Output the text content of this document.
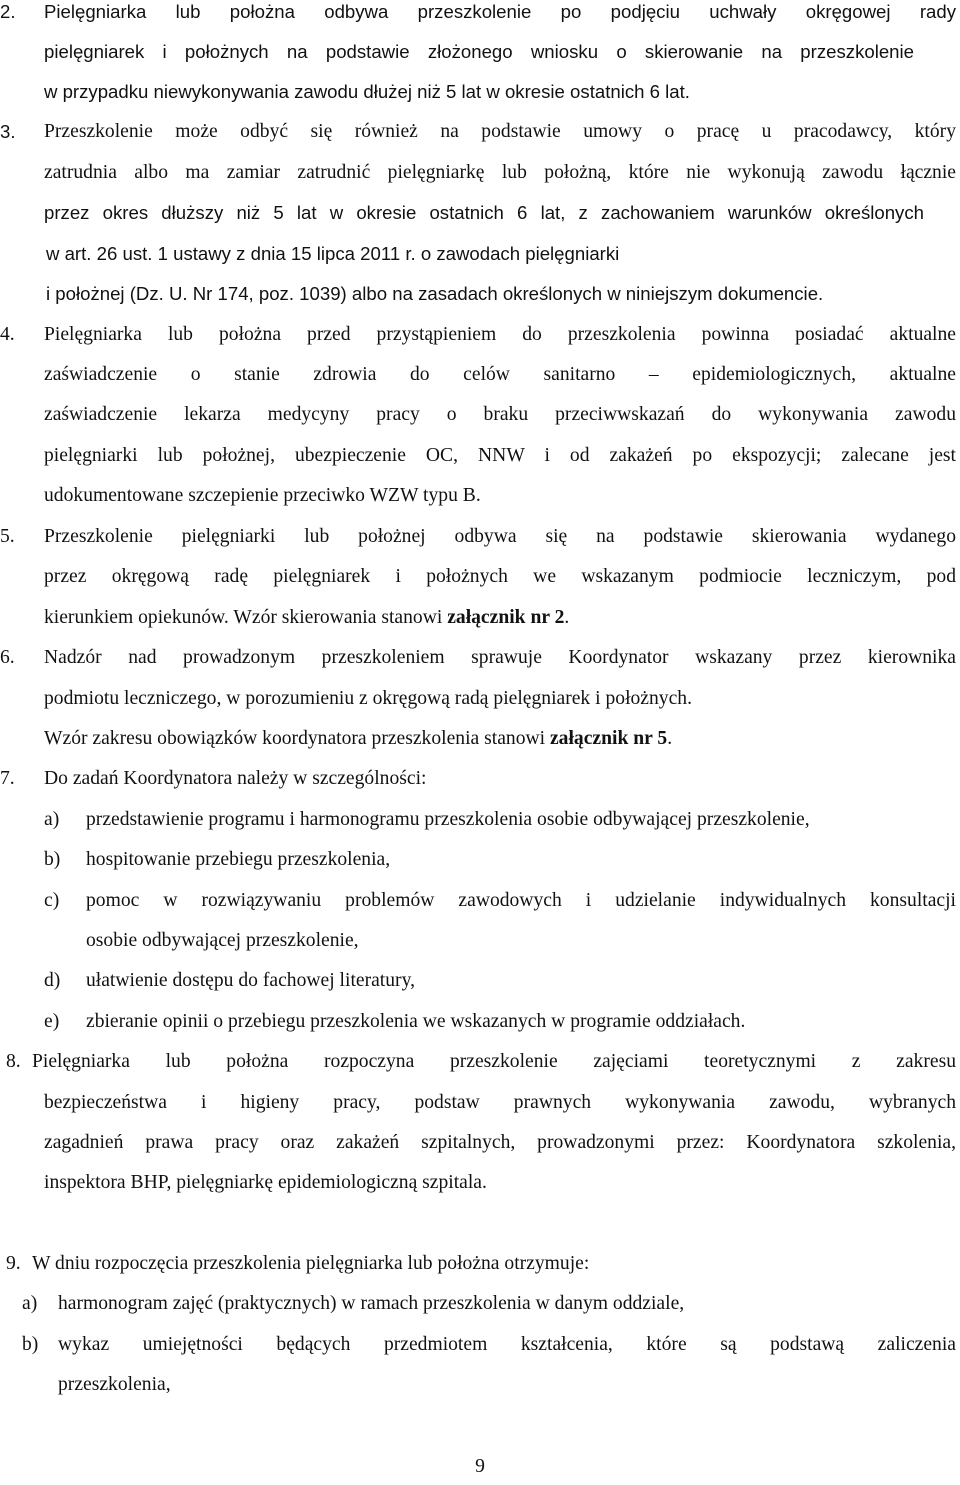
2. Pielęgniarka lub położna odbywa przeszkolenie po podjęciu uchwały okręgowej rady
pielęgniarek i położnych na podstawie złożonego wniosku o skierowanie na przeszkolenie
w przypadku niewykonywania zawodu dłużej niż 5 lat w okresie ostatnich 6 lat.
3. Przeszkolenie może odbyć się również na podstawie umowy o pracę u pracodawcy, który
zatrudnia albo ma zamiar zatrudnić pielęgniarkę lub położną, które nie wykonują zawodu łącznie
przez okres dłuższy niż 5 lat w okresie ostatnich 6 lat, z zachowaniem warunków określonych
w art. 26 ust. 1 ustawy z dnia 15 lipca 2011 r. o zawodach pielęgniarki
i położnej (Dz. U. Nr 174, poz. 1039) albo na zasadach określonych w niniejszym dokumencie.
4. Pielęgniarka lub położna przed przystąpieniem do przeszkolenia powinna posiadać aktualne
zaświadczenie o stanie zdrowia do celów sanitarno – epidemiologicznych, aktualne
zaświadczenie lekarza medycyny pracy o braku przeciwwskazań do wykonywania zawodu
pielęgniarki lub położnej, ubezpieczenie OC, NNW i od zakażeń po ekspozycji; zalecane jest
udokumentowane szczepienie przeciwko WZW typu B.
5. Przeszkolenie pielęgniarki lub położnej odbywa się na podstawie skierowania wydanego
przez okręgową radę pielęgniarek i położnych we wskazanym podmiocie leczniczym, pod
kierunkiem opiekunów. Wzór skierowania stanowi załącznik nr 2.
6. Nadzór nad prowadzonym przeszkoleniem sprawuje Koordynator wskazany przez kierownika
podmiotu leczniczego, w porozumieniu z okręgową radą pielęgniarek i położnych.
Wzór zakresu obowiązków koordynatora przeszkolenia stanowi załącznik nr 5.
7. Do zadań Koordynatora należy w szczególności:
a) przedstawienie programu i harmonogramu przeszkolenia osobie odbywającej przeszkolenie,
b) hospitowanie przebiegu przeszkolenia,
c) pomoc w rozwiązywaniu problemów zawodowych i udzielanie indywidualnych konsultacji
osobie odbywającej przeszkolenie,
d) ułatwienie dostępu do fachowej literatury,
e) zbieranie opinii o przebiegu przeszkolenia we wskazanych w programie oddziałach.
8. Pielęgniarka lub położna rozpoczyna przeszkolenie zajęciami teoretycznymi z zakresu
bezpieczeństwa i higieny pracy, podstaw prawnych wykonywania zawodu, wybranych
zagadnień prawa pracy oraz zakażeń szpitalnych, prowadzonymi przez: Koordynatora szkolenia,
inspektora BHP, pielęgniarkę epidemiologiczną szpitala.
9. W dniu rozpoczęcia przeszkolenia pielęgniarka lub położna otrzymuje:
a) harmonogram zajęć (praktycznych) w ramach przeszkolenia w danym oddziale,
b) wykaz umiejętności będących przedmiotem kształcenia, które są podstawą zaliczenia
przeszkolenia,
9
